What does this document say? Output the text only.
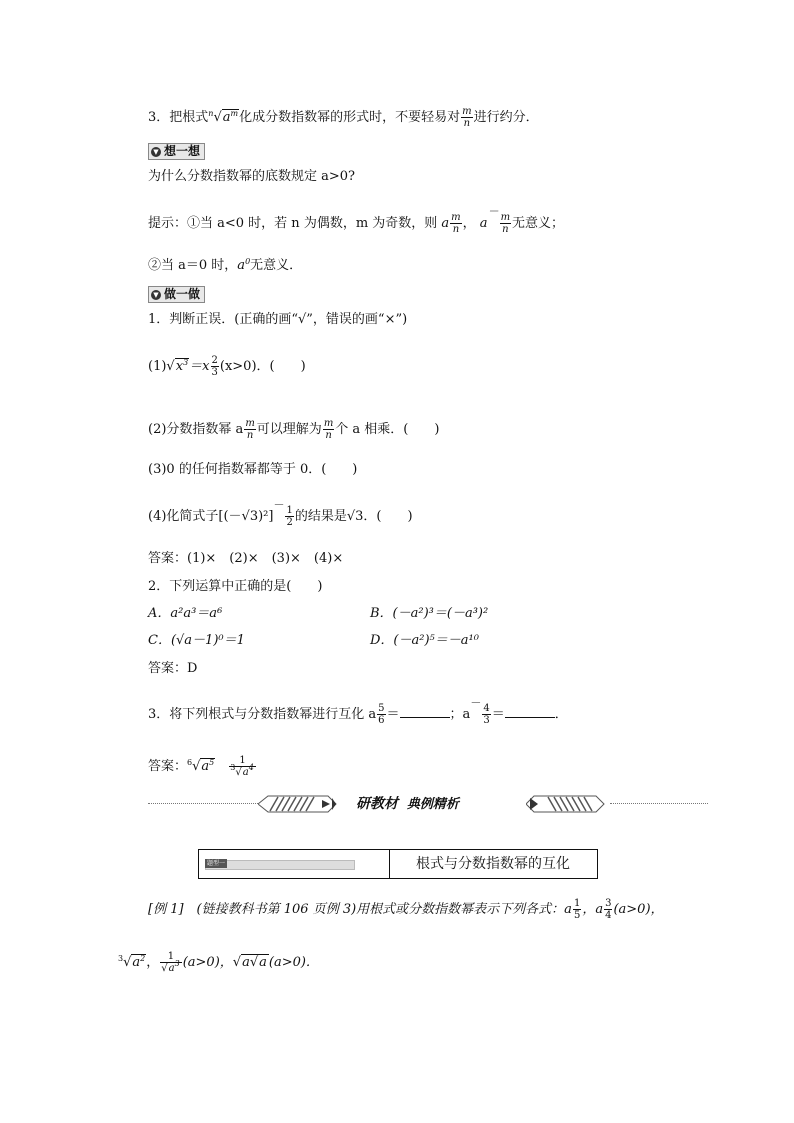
3．把根式$^n√a^m$化成分数指数幂的形式时，不要轻易对 $\frac{m}{n}$ 进行约分．
▼ 想一想
为什么分数指数幂的底数规定 a>0?
提示：①当 a<0 时，若 n 为偶数，m 为奇数，则 a $\frac{m}{n}$ ， a－
$\frac{m}{n}$ 无意义；
②当 a＝0 时，$a^0$无意义．
▼ 做一做
1．判断正误．(正确的画“√”，错误的画“×”)
$(1)√x^3=x \frac{2}{3} (x>0)$．(　　)
(2)分数指数幂 a $\frac{m}{n}$ 可以理解为 $\frac{m}{n}$ 个 a 相乘．(　　)
(3)0 的任何指数幂都等于 0．(　　)
(4)化简式子[(－√3)²]－
$\frac{1}{2}$ 的结果是√3．(　　)
答案：(1)×　(2)×　(3)×　(4)×
2．下列运算中正确的是(　　)
A．a²a³＝a⁶	B．(－a²)³＝(－a³)²
C．(√a－1)⁰＝1	D．(－a²)⁵＝－a¹⁰
答案：D
3．将下列根式与分数指数幂进行互化 a $\frac{5}{6}$ ＝	；a－
$\frac{4}{3}$ ＝	．
答案：$^6√a^5$　 $\frac{1}{^3√a^4}$
研教材 典例精析
题型一	根式与分数指数幂的互化
[例 1]　(链接教科书第 106 页例 3)用根式或分数指数幂表示下列各式：a $\frac{1}{5}$ ，a $\frac{3}{4} (a>0)$，
$^3√a^2$， $\frac{1}{√a^3} (a>0)$，√a√a (a>0)．
